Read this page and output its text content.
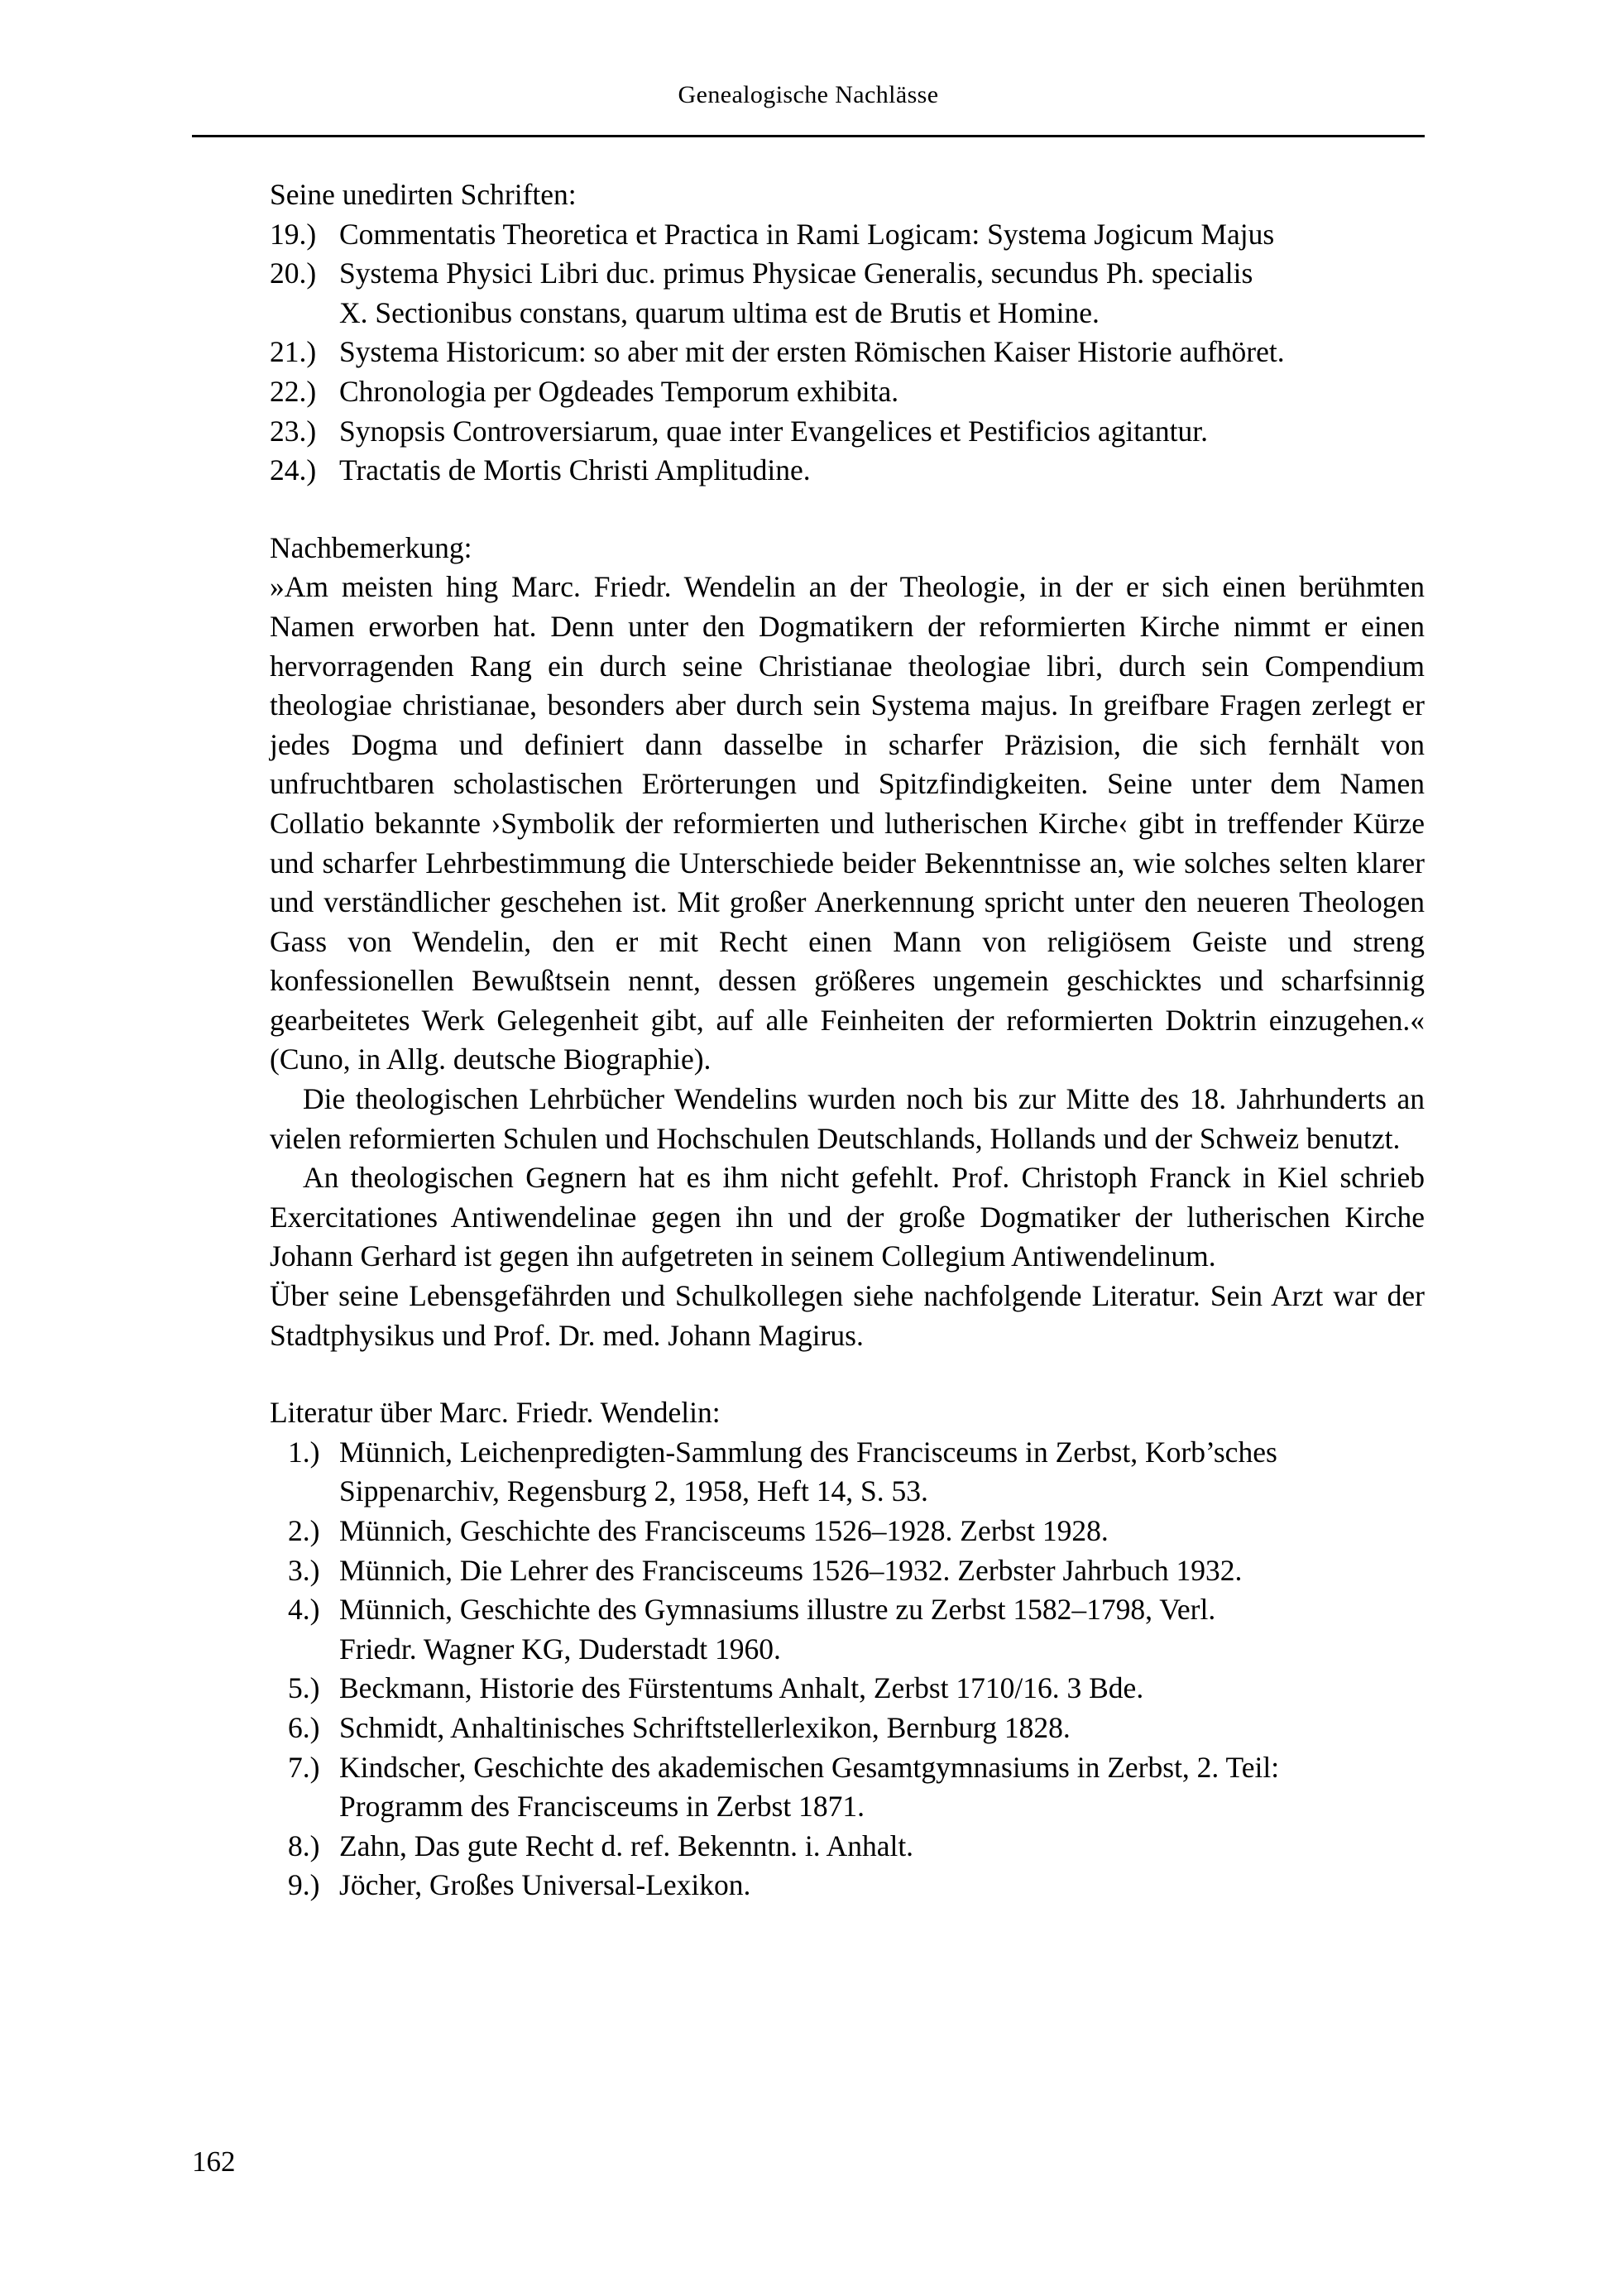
Genealogische Nachlässe

Seine unedirten Schriften:

19.) Commentatis Theoretica et Practica in Rami Logicam: Systema Jogicum Majus
20.) Systema Physici Libri duc. primus Physicae Generalis, secundus Ph. specialis
X. Sectionibus constans, quarum ultima est de Brutis et Homine.
21.) Systema Historicum: so aber mit der ersten Römischen Kaiser Historie aufhöret.
22.) Chronologia per Ogdeades Temporum exhibita.
23.) Synopsis Controversiarum, quae inter Evangelices et Pestificios agitantur.
24.) Tractatis de Mortis Christi Amplitudine.

Nachbemerkung:

»Am meisten hing Marc. Friedr. Wendelin an der Theologie, in der er sich einen berühmten Namen erworben hat. Denn unter den Dogmatikern der reformierten Kirche nimmt er einen hervorragenden Rang ein durch seine Christianae theologiae libri, durch sein Compendium theologiae christianae, besonders aber durch sein Systema majus. In greifbare Fragen zerlegt er jedes Dogma und definiert dann dasselbe in scharfer Präzision, die sich fernhält von unfruchtbaren scholastischen Erörterungen und Spitzfindigkeiten. Seine unter dem Namen Collatio bekannte ›Symbolik der reformierten und lutherischen Kirche‹ gibt in treffender Kürze und scharfer Lehrbestimmung die Unterschiede beider Bekenntnisse an, wie solches selten klarer und verständlicher geschehen ist. Mit großer Anerkennung spricht unter den neueren Theologen Gass von Wendelin, den er mit Recht einen Mann von religiösem Geiste und streng konfessionellen Bewußtsein nennt, dessen größeres ungemein geschicktes und scharfsinnig gearbeitetes Werk Gelegenheit gibt, auf alle Feinheiten der reformierten Doktrin einzugehen.« (Cuno, in Allg. deutsche Biographie).

Die theologischen Lehrbücher Wendelins wurden noch bis zur Mitte des 18. Jahrhunderts an vielen reformierten Schulen und Hochschulen Deutschlands, Hollands und der Schweiz benutzt.

An theologischen Gegnern hat es ihm nicht gefehlt. Prof. Christoph Franck in Kiel schrieb Exercitationes Antiwendelinae gegen ihn und der große Dogmatiker der lutherischen Kirche Johann Gerhard ist gegen ihn aufgetreten in seinem Collegium Antiwendelinum.

Über seine Lebensgefährden und Schulkollegen siehe nachfolgende Literatur. Sein Arzt war der Stadtphysikus und Prof. Dr. med. Johann Magirus.

Literatur über Marc. Friedr. Wendelin:

1.) Münnich, Leichenpredigten-Sammlung des Francisceums in Zerbst, Korb’sches
Sippenarchiv, Regensburg 2, 1958, Heft 14, S. 53.
2.) Münnich, Geschichte des Francisceums 1526–1928. Zerbst 1928.
3.) Münnich, Die Lehrer des Francisceums 1526–1932. Zerbster Jahrbuch 1932.
4.) Münnich, Geschichte des Gymnasiums illustre zu Zerbst 1582–1798, Verl.
Friedr. Wagner KG, Duderstadt 1960.
5.) Beckmann, Historie des Fürstentums Anhalt, Zerbst 1710/16. 3 Bde.
6.) Schmidt, Anhaltinisches Schriftstellerlexikon, Bernburg 1828.
7.) Kindscher, Geschichte des akademischen Gesamtgymnasiums in Zerbst, 2. Teil:
Programm des Francisceums in Zerbst 1871.
8.) Zahn, Das gute Recht d. ref. Bekenntn. i. Anhalt.
9.) Jöcher, Großes Universal-Lexikon.
162
